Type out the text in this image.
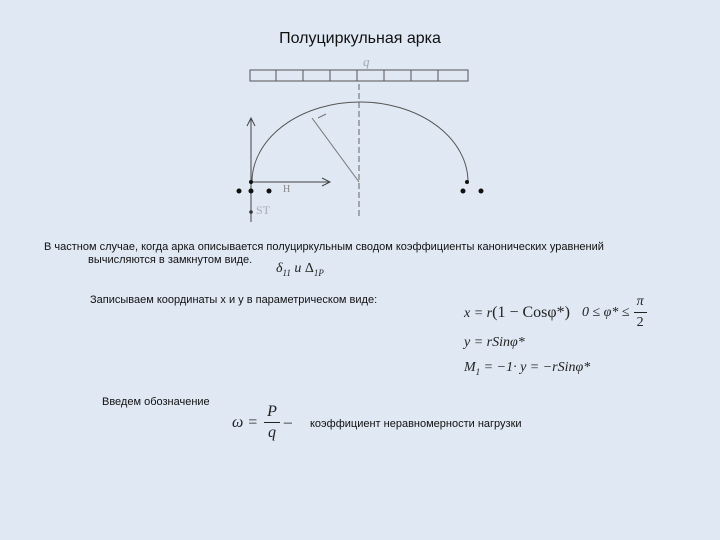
Полуциркульная арка
q
H
ST
В частном случае, когда арка описывается полуциркульным сводом коэффициенты канонических уравнений
вычисляются в замкнутом виде.
$\delta_{11}$ и $\Delta_{1P}$
Записываем координаты x и y в параметрическом виде:
x = r(1 − Cosφ*) $0 \le \varphi* \le \frac{\pi}{2}$
y = rSinφ*
$M_1 = -1\cdot y$ = −rSinφ*
Введем обозначение
$\omega = \frac{P}{q}$ – коэффициент неравномерности нагрузки
